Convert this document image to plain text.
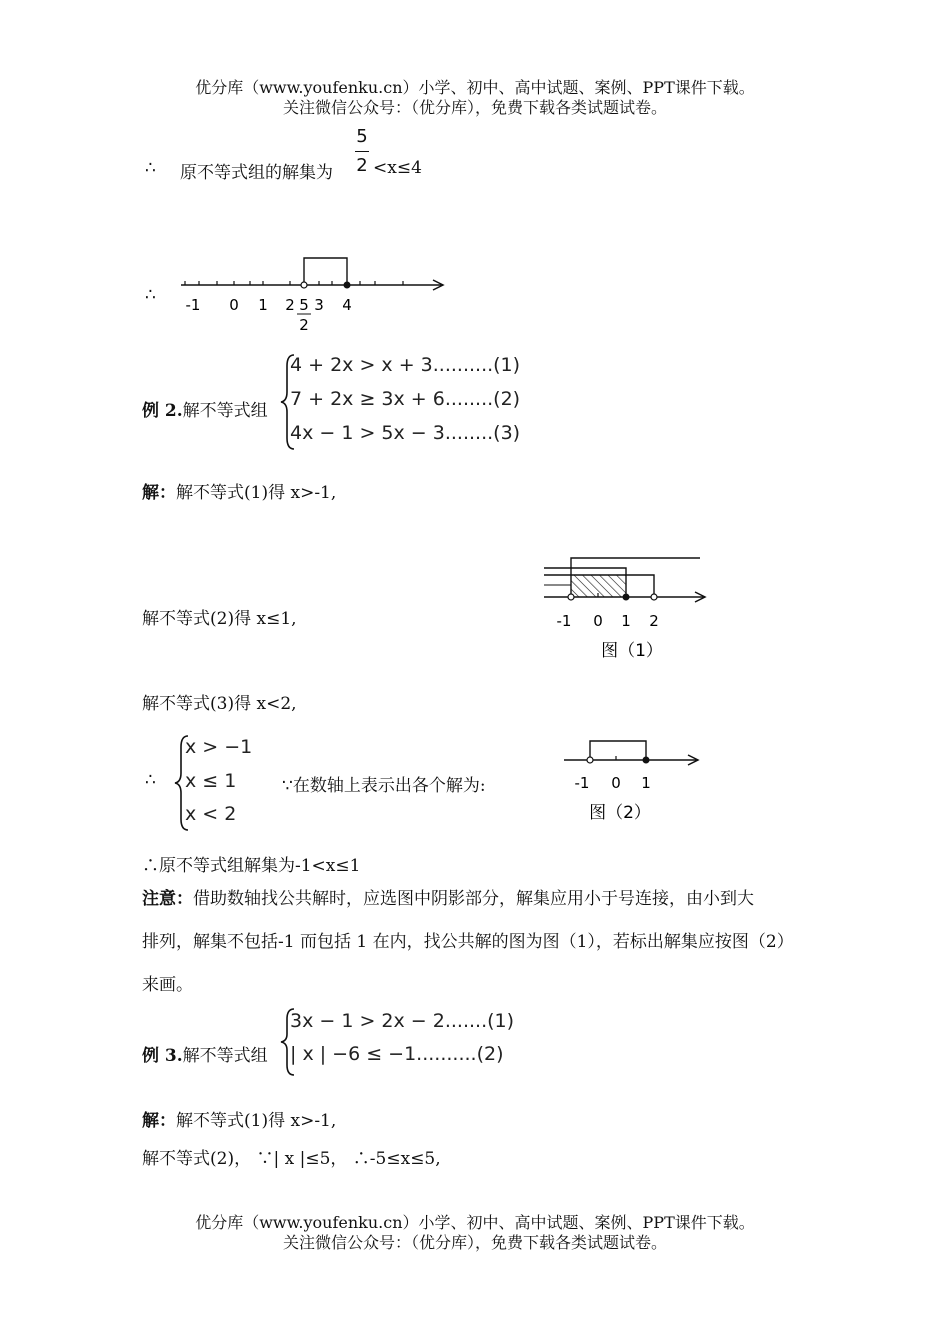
优分库（www.youfenku.cn）小学、初中、高中试题、案例、PPT课件下载。
关注微信公众号：（优分库），免费下载各类试题试卷。
∴ 原不等式组的解集为
5
2 <x≤4
∴ -1 0 1 2 5
2
3 4
例 2.解不等式组
4 + 2x > x + 3..........(1)
7 + 2x ≥ 3x + 6........(2)
4x − 1 > 5x − 3........(3)
解：解不等式(1)得 x>-1,
解不等式(2)得 x≤1,	-1 0 1 2
图（1）
解不等式(3)得 x<2,
∴
x > −1
x ≤ 1
x < 2
∵在数轴上表示出各个解为:	-1 0 1
图（2）
∴原不等式组解集为-1<x≤1
注意：借助数轴找公共解时，应选图中阴影部分，解集应用小于号连接，由小到大
排列，解集不包括-1 而包括 1 在内，找公共解的图为图（1），若标出解集应按图（2）
来画。
例 3.解不等式组
3x − 1 > 2x − 2.......(1)
| x | −6 ≤ −1..........(2)
解：解不等式(1)得 x>-1,
解不等式(2)， ∵| x |≤5， ∴-5≤x≤5,
优分库（www.youfenku.cn）小学、初中、高中试题、案例、PPT课件下载。
关注微信公众号：（优分库），免费下载各类试题试卷。
